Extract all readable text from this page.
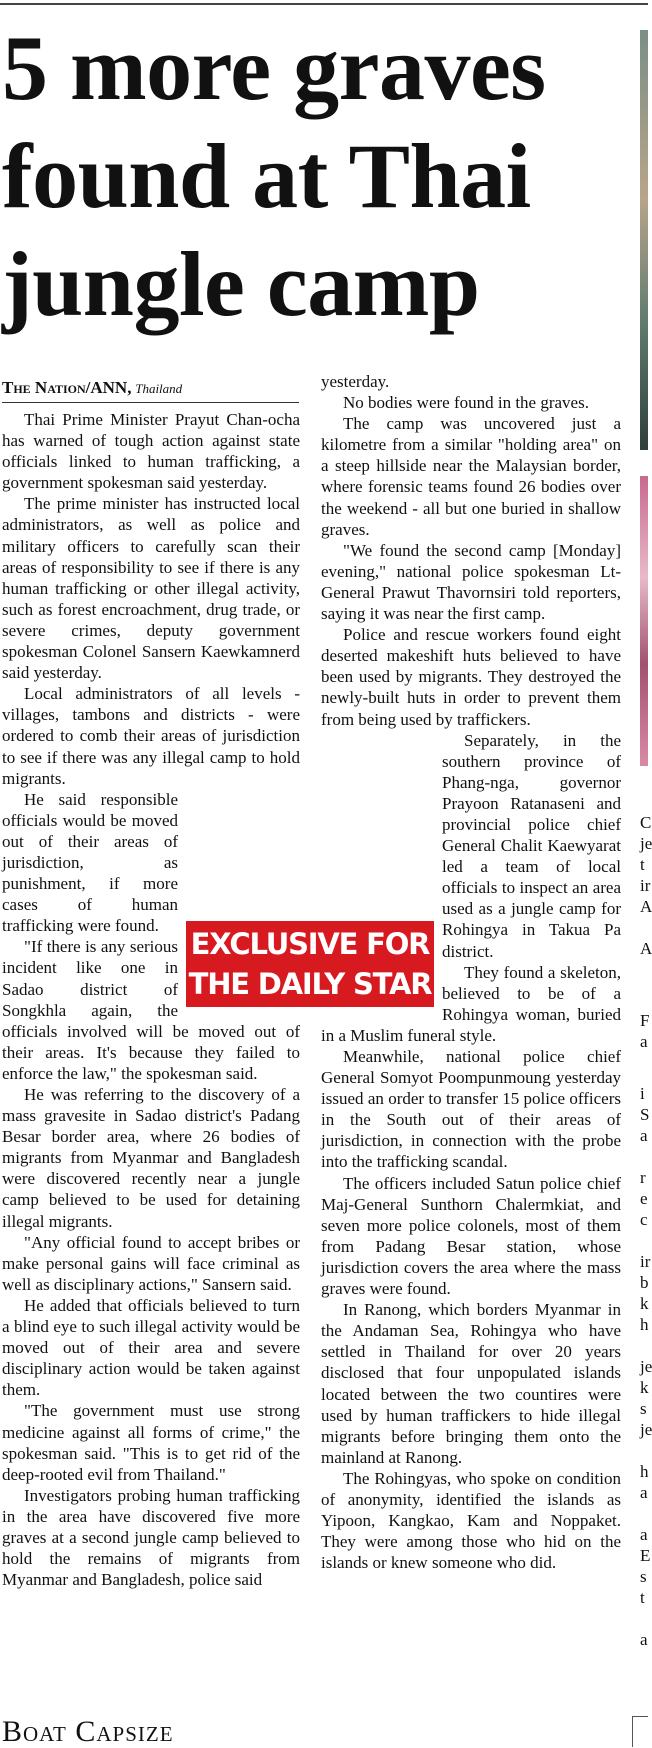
5 more graves found at Thai jungle camp
The Nation/ANN, Thailand

Thai Prime Minister Prayut Chan-ocha has warned of tough action against state officials linked to human trafficking, a government spokesman said yesterday.

The prime minister has instructed local administrators, as well as police and military officers to carefully scan their areas of responsibility to see if there is any human trafficking or other illegal activity, such as forest encroachment, drug trade, or severe crimes, deputy government spokesman Colonel Sansern Kaewkamnerd said yesterday.

Local administrators of all levels - villages, tambons and districts - were ordered to comb their areas of jurisdiction to see if there was any illegal camp to hold migrants.

He said responsible officials would be moved out of their areas of jurisdiction, as punishment, if more cases of human trafficking were found.

"If there is any serious incident like one in Sadao district of Songkhla again, the officials involved will be moved out of their areas. It's because they failed to enforce the law," the spokesman said.

He was referring to the discovery of a mass gravesite in Sadao district's Padang Besar border area, where 26 bodies of migrants from Myanmar and Bangladesh were discovered recently near a jungle camp believed to be used for detaining illegal migrants.

"Any official found to accept bribes or make personal gains will face criminal as well as disciplinary actions," Sansern said.

He added that officials believed to turn a blind eye to such illegal activity would be moved out of their area and severe disciplinary action would be taken against them.

"The government must use strong medicine against all forms of crime," the spokesman said. "This is to get rid of the deep-rooted evil from Thailand."

Investigators probing human trafficking in the area have discovered five more graves at a second jungle camp believed to hold the remains of migrants from Myanmar and Bangladesh, police said

yesterday.

No bodies were found in the graves.

The camp was uncovered just a kilometre from a similar "holding area" on a steep hillside near the Malaysian border, where forensic teams found 26 bodies over the weekend - all but one buried in shallow graves.

"We found the second camp [Monday] evening," national police spokesman Lt-General Prawut Thavornsiri told reporters, saying it was near the first camp.

Police and rescue workers found eight deserted makeshift huts believed to have been used by migrants. They destroyed the newly-built huts in order to prevent them from being used by traffickers.

Separately, in the southern province of Phang-nga, governor Prayoon Ratanaseni and provincial police chief General Chalit Kaewyarat led a team of local officials to inspect an area used as a jungle camp for Rohingya in Takua Pa district.

They found a skeleton, believed to be of a Rohingya woman, buried in a Muslim funeral style.

Meanwhile, national police chief General Somyot Poompunmoung yesterday issued an order to transfer 15 police officers in the South out of their areas of jurisdiction, in connection with the probe into the trafficking scandal.

The officers included Satun police chief Maj-General Sunthorn Chalermkiat, and seven more police colonels, most of them from Padang Besar station, whose jurisdiction covers the area where the mass graves were found.

In Ranong, which borders Myanmar in the Andaman Sea, Rohingya who have settled in Thailand for over 20 years disclosed that four unpopulated islands located between the two countires were used by human traffickers to hide illegal migrants before bringing them onto the mainland at Ranong.

The Rohingyas, who spoke on condition of anonymity, identified the islands as Yipoon, Kangkao, Kam and Noppaket. They were among those who hid on the islands or knew someone who did.

EXCLUSIVE FOR
THE DAILY STAR
Boat Capsize
C
je
t
ir
A
A
F
a
i
S
a
r
e
c
ir
b
k
h
je
k
s
je
h
a
a
E
s
t
a
